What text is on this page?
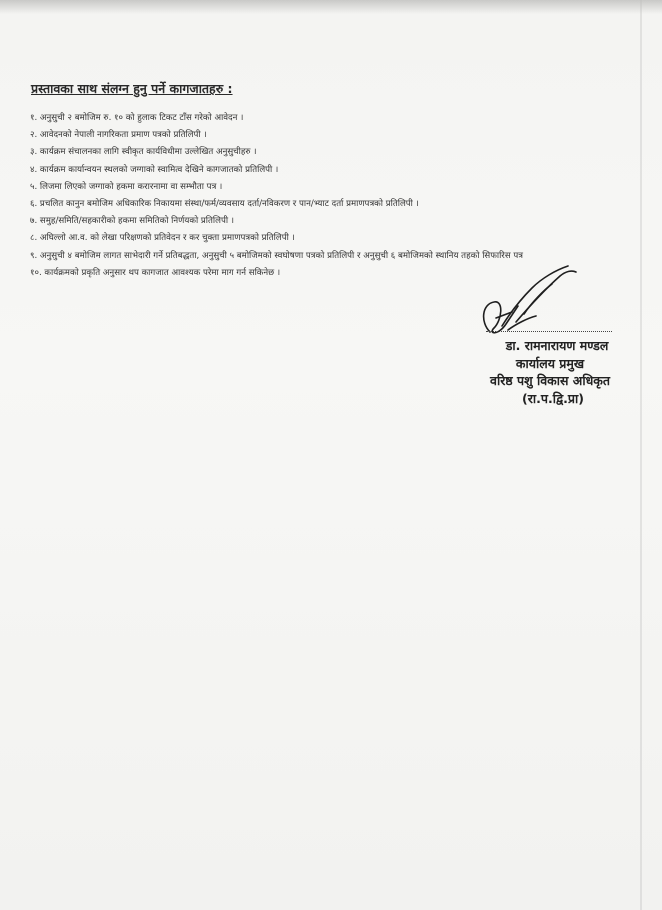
प्रस्तावका साथ संलग्न हुनु पर्ने कागजातहरु :
१. अनुसुची २ बमोजिम रु. १० को हुलाक टिकट टाँस गरेको आवेदन ।
२. आवेदनको नेपाली नागरिकता प्रमाण पत्रको प्रतिलिपी ।
३. कार्यक्रम संचालनका लागि स्वीकृत कार्यविधीमा उल्लेखित अनुसुचीहरु ।
४. कार्यक्रम कार्यान्वयन स्थलको जग्गाको स्वामित्व देखिने कागजातको प्रतिलिपी ।
५. लिजमा लिएको जग्गाको हकमा करारनामा वा सम्भौता पत्र ।
६. प्रचलित कानुन बमोजिम अधिकारिक निकायमा संस्था/फर्म/व्यवसाय दर्ता/नविकरण र पान/भ्याट दर्ता प्रमाणपत्रको प्रतिलिपी ।
७. समुह/समिति/सहकारीको हकमा समितिको निर्णयको प्रतिलिपी ।
८. अघिल्लो आ.व. को लेखा परिक्षणको प्रतिवेदन र कर चुक्ता प्रमाणपत्रको प्रतिलिपी ।
९. अनुसुची ४ बमोजिम लागत साभेदारी गर्ने प्रतिबद्धता, अनुसुची ५ बमोजिमको स्वघोषणा पत्रको प्रतिलिपी र अनुसुची ६ बमोजिमको स्थानिय तहको सिफारिस पत्र
१०. कार्यक्रमको प्रकृति अनुसार थप कागजात आवश्यक परेमा माग गर्न सकिनेछ ।
डा. रामनारायण मण्डल
कार्यालय प्रमुख
वरिष्ठ पशु विकास अधिकृत
(रा.प.द्वि.प्रा)
